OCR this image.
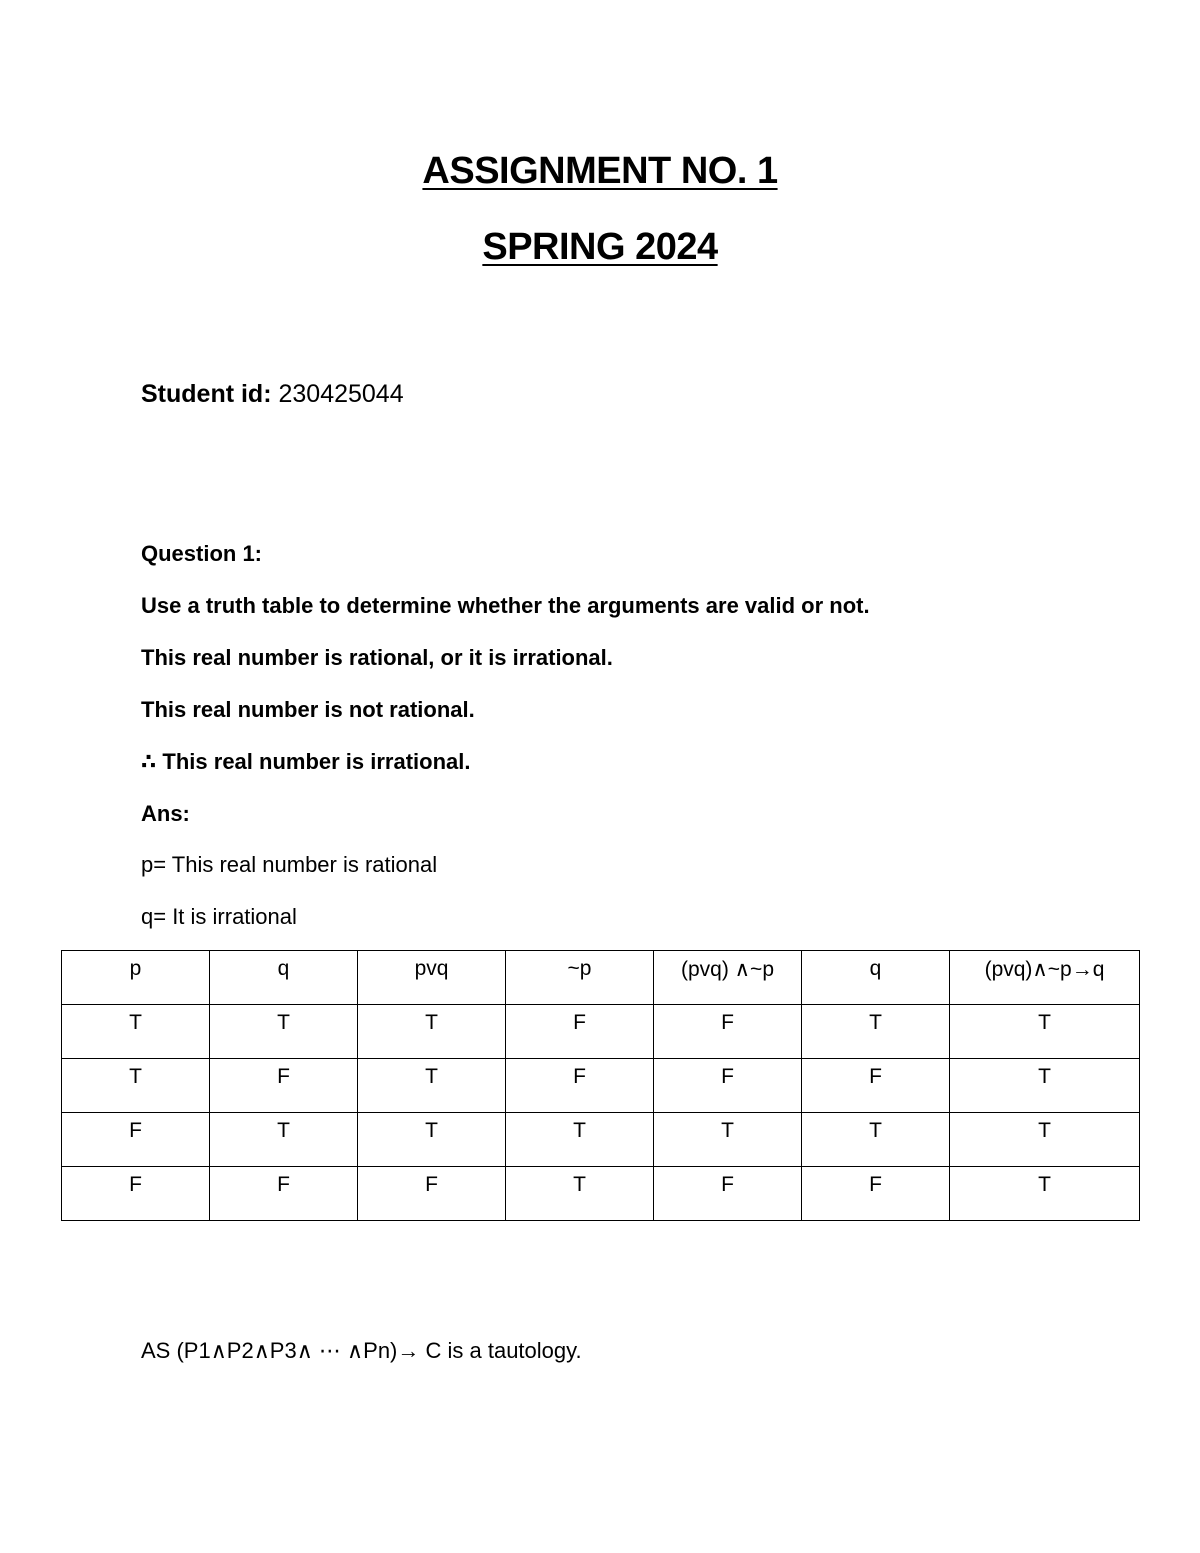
ASSIGNMENT NO. 1
SPRING 2024
Student id: 230425044
Question 1:
Use a truth table to determine whether the arguments are valid or not.
This real number is rational, or it is irrational.
This real number is not rational.
∴ This real number is irrational.
Ans:
p= This real number is rational
q= It is irrational
p	q	pvq	~p	(pvq) ∧~p	q	(pvq)∧~p→q
T	T	T	F	F	T	T
T	F	T	F	F	F	T
F	T	T	T	T	T	T
F	F	F	T	F	F	T
AS (P1∧P2∧P3∧ ⋯ ∧Pn)→ C is a tautology.
